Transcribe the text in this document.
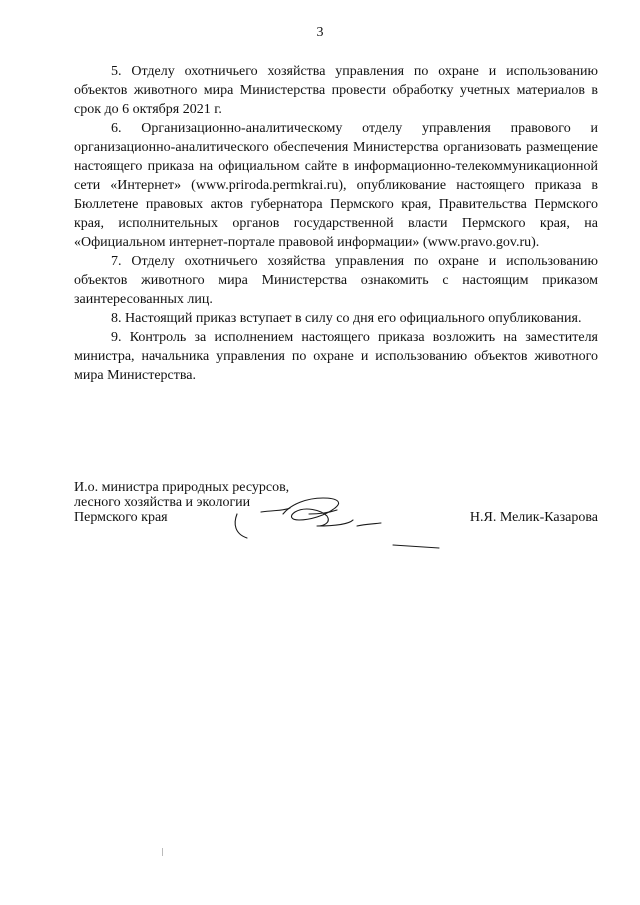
3

5. Отделу охотничьего хозяйства управления по охране и использованию объектов животного мира Министерства провести обработку учетных материалов в срок до 6 октября 2021 г.

6. Организационно-аналитическому отделу управления правового и организационно-аналитического обеспечения Министерства организовать размещение настоящего приказа на официальном сайте в информационно-телекоммуникационной сети «Интернет» (www.priroda.permkrai.ru), опубликование настоящего приказа в Бюллетене правовых актов губернатора Пермского края, Правительства Пермского края, исполнительных органов государственной власти Пермского края, на «Официальном интернет-портале правовой информации» (www.pravo.gov.ru).

7. Отделу охотничьего хозяйства управления по охране и использованию объектов животного мира Министерства ознакомить с настоящим приказом заинтересованных лиц.

8. Настоящий приказ вступает в силу со дня его официального опубликования.

9. Контроль за исполнением настоящего приказа возложить на заместителя министра, начальника управления по охране и использованию объектов животного мира Министерства.

И.о. министра природных ресурсов,
лесного хозяйства и экологии
Пермского края	Н.Я. Мелик-Казарова
